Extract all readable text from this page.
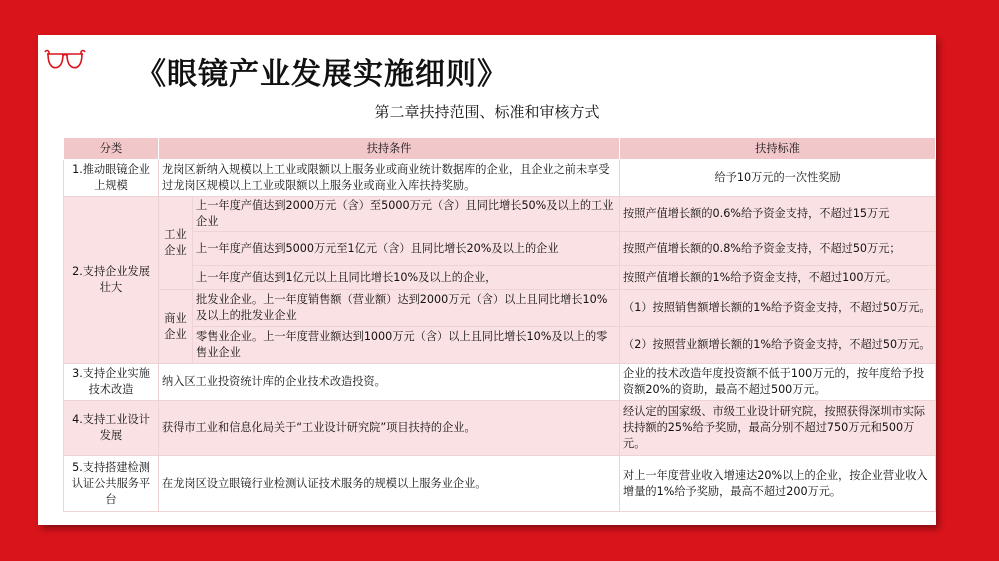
《眼镜产业发展实施细则》
第二章扶持范围、标准和审核方式
分类	扶持条件		扶持标准
1.推动眼镜企业上规模	龙岗区新纳入规模以上工业或限额以上服务业或商业统计数据库的企业，且企业之前未享受过龙岗区规模以上工业或限额以上服务业或商业入库扶持奖励。		给予10万元的一次性奖励
2.支持企业发展壮大	工业企业	上一年度产值达到2000万元（含）至5000万元（含）且同比增长50%及以上的工业企业	按照产值增长额的0.6%给予资金支持，不超过15万元
		上一年度产值达到5000万元至1亿元（含）且同比增长20%及以上的企业	按照产值增长额的0.8%给予资金支持，不超过50万元；
		上一年度产值达到1亿元以上且同比增长10%及以上的企业，	按照产值增长额的1%给予资金支持，不超过100万元。
	商业企业	批发业企业。上一年度销售额（营业额）达到2000万元（含）以上且同比增长10%及以上的批发业企业	（1）按照销售额增长额的1%给予资金支持，不超过50万元。
		零售业企业。上一年度营业额达到1000万元（含）以上且同比增长10%及以上的零售业企业	（2）按照营业额增长额的1%给予资金支持，不超过50万元。
3.支持企业实施技术改造	纳入区工业投资统计库的企业技术改造投资。		企业的技术改造年度投资额不低于100万元的，按年度给予投资额20%的资助，最高不超过500万元。
4.支持工业设计发展	获得市工业和信息化局关于“工业设计研究院”项目扶持的企业。		经认定的国家级、市级工业设计研究院，按照获得深圳市实际扶持额的25%给予奖励，最高分别不超过750万元和500万元。
5.支持搭建检测认证公共服务平台	在龙岗区设立眼镜行业检测认证技术服务的规模以上服务业企业。		对上一年度营业收入增速达20%以上的企业，按企业营业收入增量的1%给予奖励，最高不超过200万元。
